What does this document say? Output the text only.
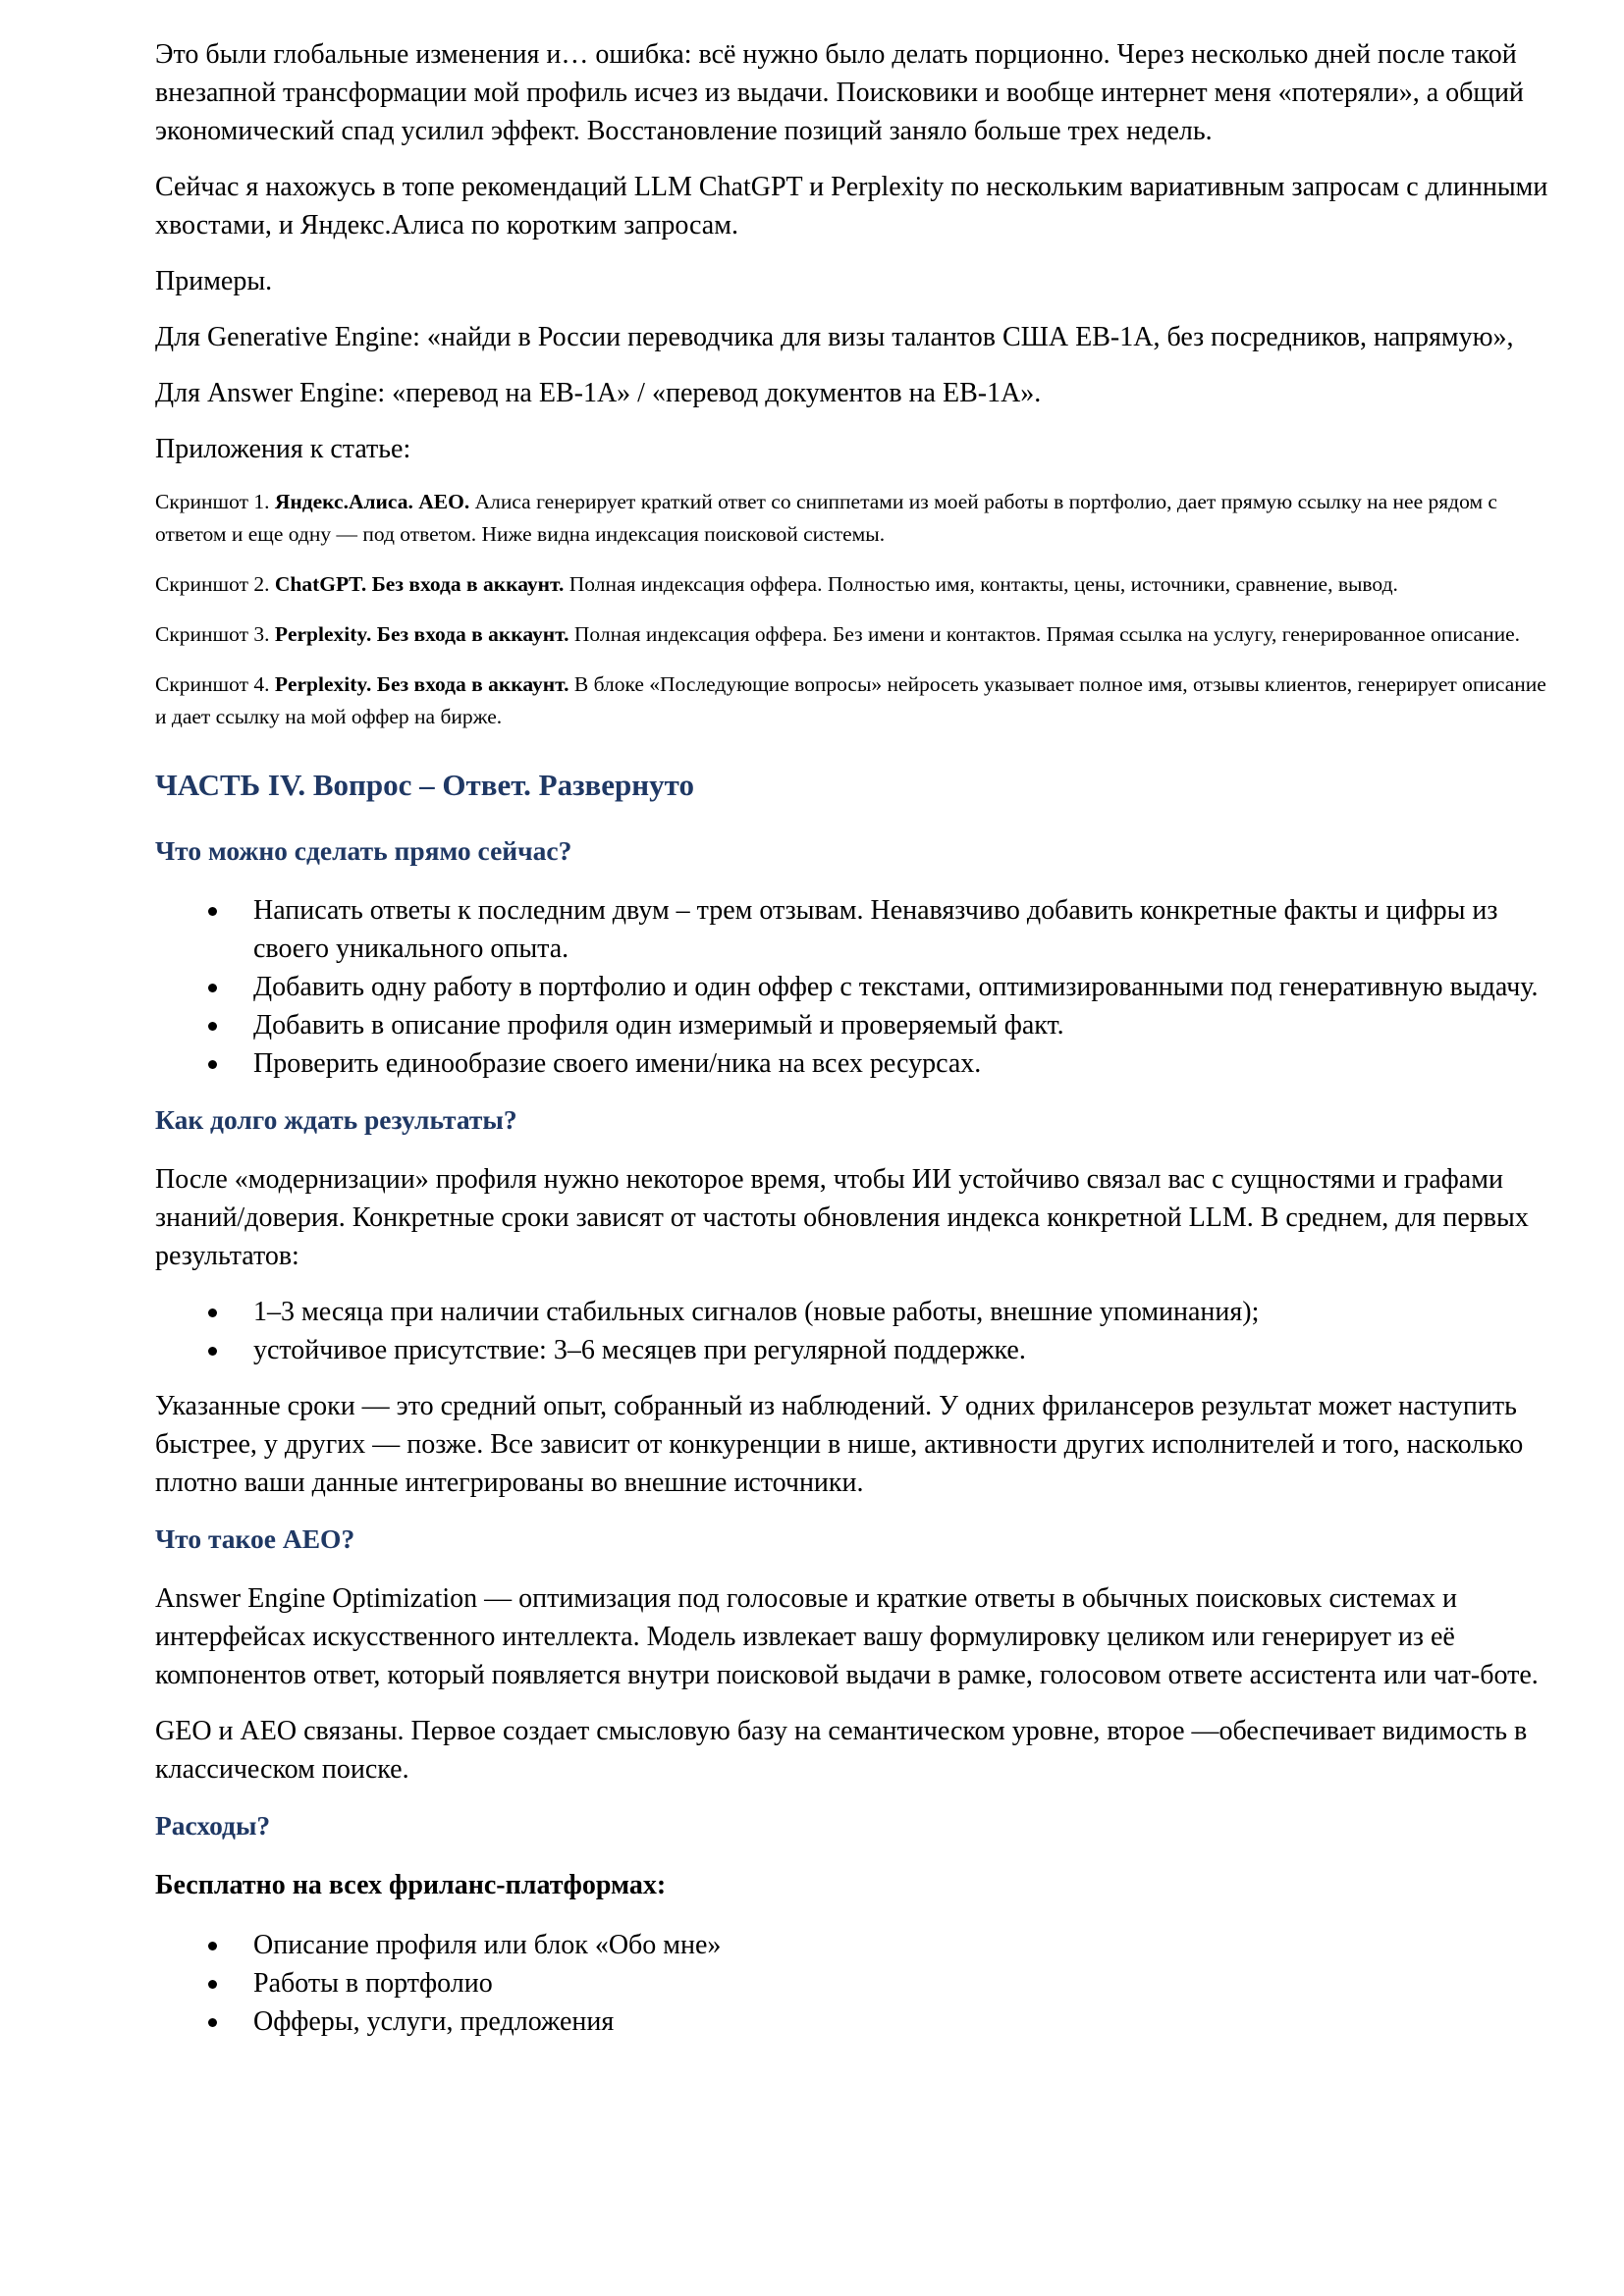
Это были глобальные изменения и… ошибка: всё нужно было делать порционно. Через несколько дней после такой внезапной трансформации мой профиль исчез из выдачи. Поисковики и вообще интернет меня «потеряли», а общий экономический спад усилил эффект. Восстановление позиций заняло больше трех недель.

Сейчас я нахожусь в топе рекомендаций LLM ChatGPT и Perplexity по нескольким вариативным запросам с длинными хвостами, и Яндекс.Алиса по коротким запросам.

Примеры.

Для Generative Engine: «найди в России переводчика для визы талантов США EB-1A, без посредников, напрямую»,

Для Answer Engine: «перевод на EB-1A» / «перевод документов на EB-1A».

Приложения к статье:

Скриншот 1. Яндекс.Алиса. AEO. Алиса генерирует краткий ответ со сниппетами из моей работы в портфолио, дает прямую ссылку на нее рядом с ответом и еще одну — под ответом. Ниже видна индексация поисковой системы.

Скриншот 2. ChatGPT. Без входа в аккаунт. Полная индексация оффера. Полностью имя, контакты, цены, источники, сравнение, вывод.

Скриншот 3. Perplexity. Без входа в аккаунт. Полная индексация оффера. Без имени и контактов. Прямая ссылка на услугу, генерированное описание.

Скриншот 4. Perplexity. Без входа в аккаунт. В блоке «Последующие вопросы» нейросеть указывает полное имя, отзывы клиентов, генерирует описание и дает ссылку на мой оффер на бирже.

ЧАСТЬ IV. Вопрос – Ответ. Развернуто
Что можно сделать прямо сейчас?
Написать ответы к последним двум – трем отзывам. Ненавязчиво добавить конкретные факты и цифры из своего уникального опыта.
Добавить одну работу в портфолио и один оффер с текстами, оптимизированными под генеративную выдачу.
Добавить в описание профиля один измеримый и проверяемый факт.
Проверить единообразие своего имени/ника на всех ресурсах.
Как долго ждать результаты?

После «модернизации» профиля нужно некоторое время, чтобы ИИ устойчиво связал вас с сущностями и графами знаний/доверия. Конкретные сроки зависят от частоты обновления индекса конкретной LLM. В среднем, для первых результатов:

1–3 месяца при наличии стабильных сигналов (новые работы, внешние упоминания);
устойчивое присутствие: 3–6 месяцев при регулярной поддержке.

Указанные сроки — это средний опыт, собранный из наблюдений. У одних фрилансеров результат может наступить быстрее, у других — позже. Все зависит от конкуренции в нише, активности других исполнителей и того, насколько плотно ваши данные интегрированы во внешние источники.

Что такое AEO?

Answer Engine Optimization — оптимизация под голосовые и краткие ответы в обычных поисковых системах и интерфейсах искусственного интеллекта. Модель извлекает вашу формулировку целиком или генерирует из её компонентов ответ, который появляется внутри поисковой выдачи в рамке, голосовом ответе ассистента или чат-боте.

GEO и AEO связаны. Первое создает смысловую базу на семантическом уровне, второе —обеспечивает видимость в классическом поиске.

Расходы?

Бесплатно на всех фриланс-платформах:

Описание профиля или блок «Обо мне»
Работы в портфолио
Офферы, услуги, предложения
